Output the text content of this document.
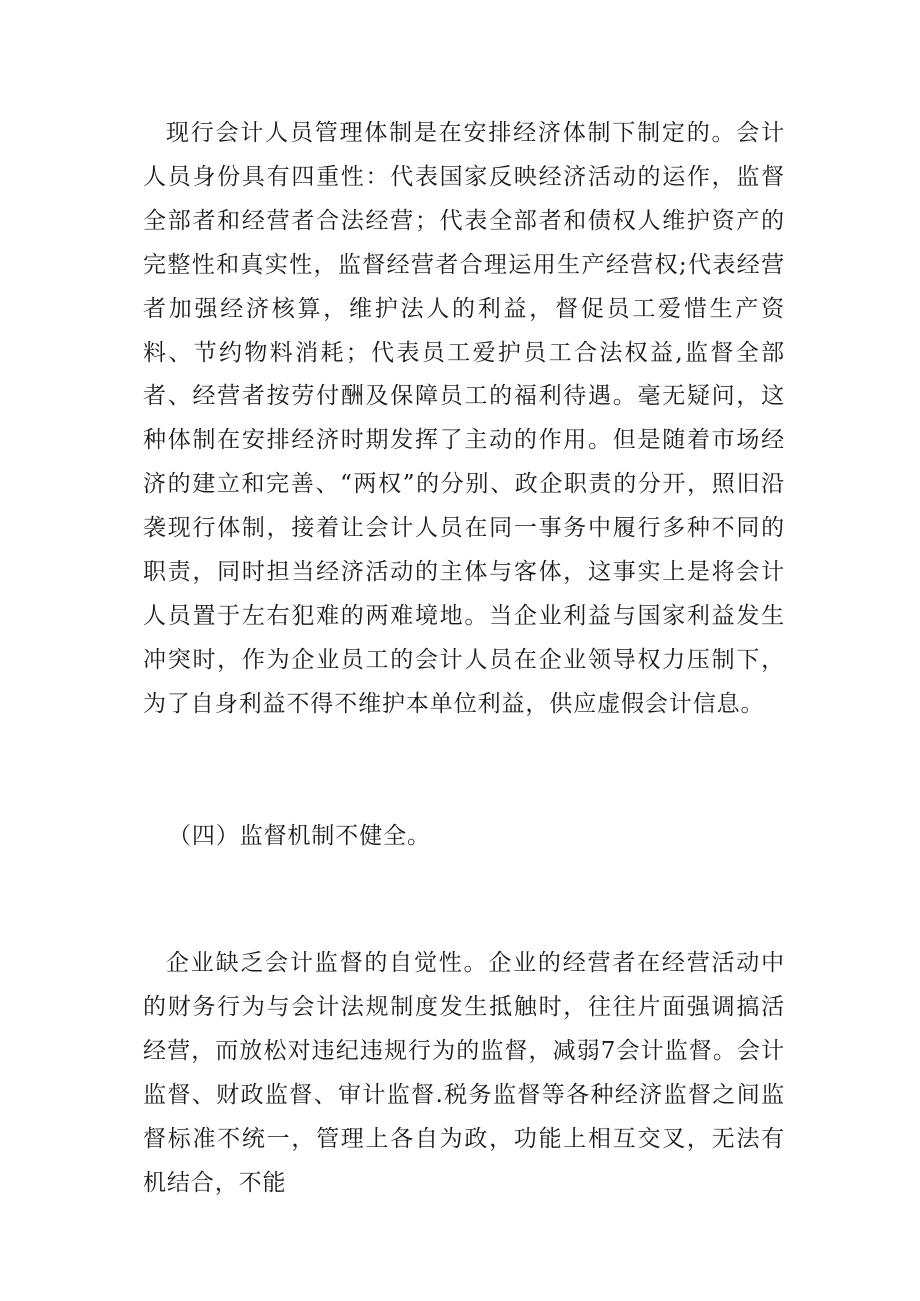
现行会计人员管理体制是在安排经济体制下制定的。会计人员身份具有四重性：代表国家反映经济活动的运作，监督全部者和经营者合法经营；代表全部者和债权人维护资产的完整性和真实性，监督经营者合理运用生产经营权;代表经营者加强经济核算，维护法人的利益，督促员工爱惜生产资料、节约物料消耗；代表员工爱护员工合法权益,监督全部者、经营者按劳付酬及保障员工的福利待遇。毫无疑问，这种体制在安排经济时期发挥了主动的作用。但是随着市场经济的建立和完善、“两权”的分别、政企职责的分开，照旧沿袭现行体制，接着让会计人员在同一事务中履行多种不同的职责，同时担当经济活动的主体与客体，这事实上是将会计人员置于左右犯难的两难境地。当企业利益与国家利益发生冲突时，作为企业员工的会计人员在企业领导权力压制下，为了自身利益不得不维护本单位利益，供应虚假会计信息。

（四）监督机制不健全。

企业缺乏会计监督的自觉性。企业的经营者在经营活动中的财务行为与会计法规制度发生抵触时，往往片面强调搞活经营，而放松对违纪违规行为的监督，减弱7会计监督。会计监督、财政监督、审计监督.税务监督等各种经济监督之间监督标准不统一，管理上各自为政，功能上相互交叉，无法有机结合，不能
